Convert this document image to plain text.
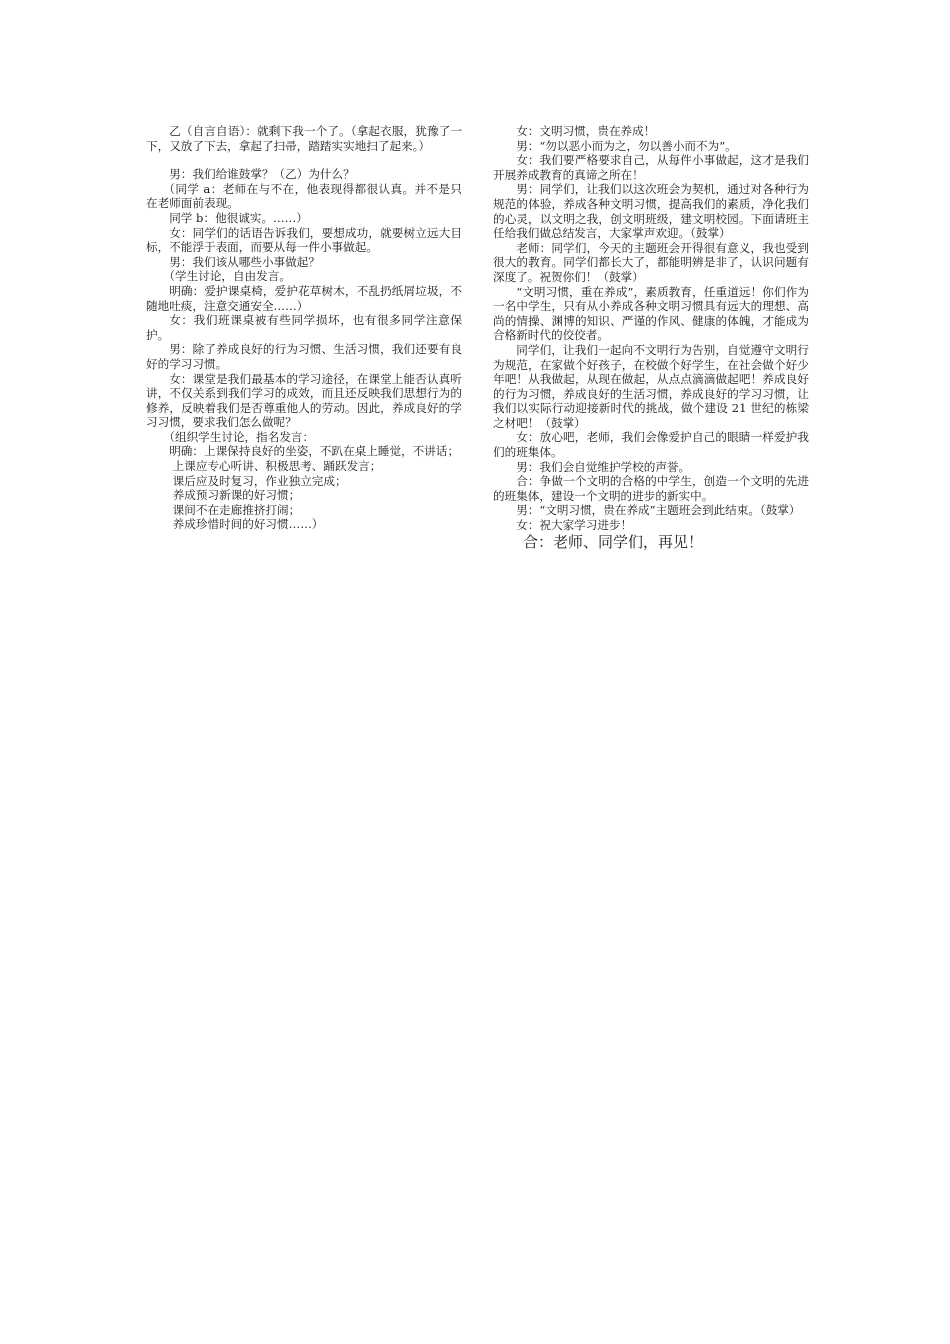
乙（自言自语）：就剩下我一个了。（拿起衣服，犹豫了一下，又放了下去，拿起了扫帚，踏踏实实地扫了起来。）

男：我们给谁鼓掌？（乙）为什么？

（同学 a：老师在与不在，他表现得都很认真。并不是只在老师面前表现。

同学 b：他很诚实。……）

女：同学们的话语告诉我们，要想成功，就要树立远大目标，不能浮于表面，而要从每一件小事做起。

男：我们该从哪些小事做起？

（学生讨论，自由发言。

明确：爱护课桌椅，爱护花草树木，不乱扔纸屑垃圾，不随地吐痰，注意交通安全……）

女：我们班课桌被有些同学损坏，也有很多同学注意保护。

男：除了养成良好的行为习惯、生活习惯，我们还要有良好的学习习惯。

女：课堂是我们最基本的学习途径，在课堂上能否认真听讲，不仅关系到我们学习的成效，而且还反映我们思想行为的修养，反映着我们是否尊重他人的劳动。因此，养成良好的学习习惯，要求我们怎么做呢？

（组织学生讨论，指名发言：

明确：上课保持良好的坐姿，不趴在桌上睡觉，不讲话；

上课应专心听讲、积极思考、踊跃发言；

课后应及时复习，作业独立完成；

养成预习新课的好习惯；

课间不在走廊推挤打闹；

养成珍惜时间的好习惯……）

女：文明习惯，贵在养成！

男：“勿以恶小而为之，勿以善小而不为”。

女：我们要严格要求自己，从每件小事做起，这才是我们开展养成教育的真谛之所在！

男：同学们，让我们以这次班会为契机，通过对各种行为规范的体验，养成各种文明习惯，提高我们的素质，净化我们的心灵，以文明之我，创文明班级，建文明校园。下面请班主任给我们做总结发言，大家掌声欢迎。（鼓掌）

老师：同学们，今天的主题班会开得很有意义，我也受到很大的教育。同学们都长大了，都能明辨是非了，认识问题有深度了。祝贺你们！（鼓掌）

“文明习惯，重在养成”，素质教育，任重道远！你们作为一名中学生，只有从小养成各种文明习惯具有远大的理想、高尚的情操、渊博的知识、严谨的作风、健康的体魄，才能成为合格新时代的佼佼者。

同学们，让我们一起向不文明行为告别，自觉遵守文明行为规范，在家做个好孩子，在校做个好学生，在社会做个好少年吧！从我做起，从现在做起，从点点滴滴做起吧！养成良好的行为习惯，养成良好的生活习惯，养成良好的学习习惯，让我们以实际行动迎接新时代的挑战，做个建设 21 世纪的栋梁之材吧！（鼓掌）

女：放心吧，老师，我们会像爱护自己的眼睛一样爱护我们的班集体。

男：我们会自觉维护学校的声誉。

合：争做一个文明的合格的中学生，创造一个文明的先进的班集体，建设一个文明的进步的新实中。

男：“文明习惯，贵在养成”主题班会到此结束。（鼓掌）

女：祝大家学习进步！

合：老师、同学们，再见！
